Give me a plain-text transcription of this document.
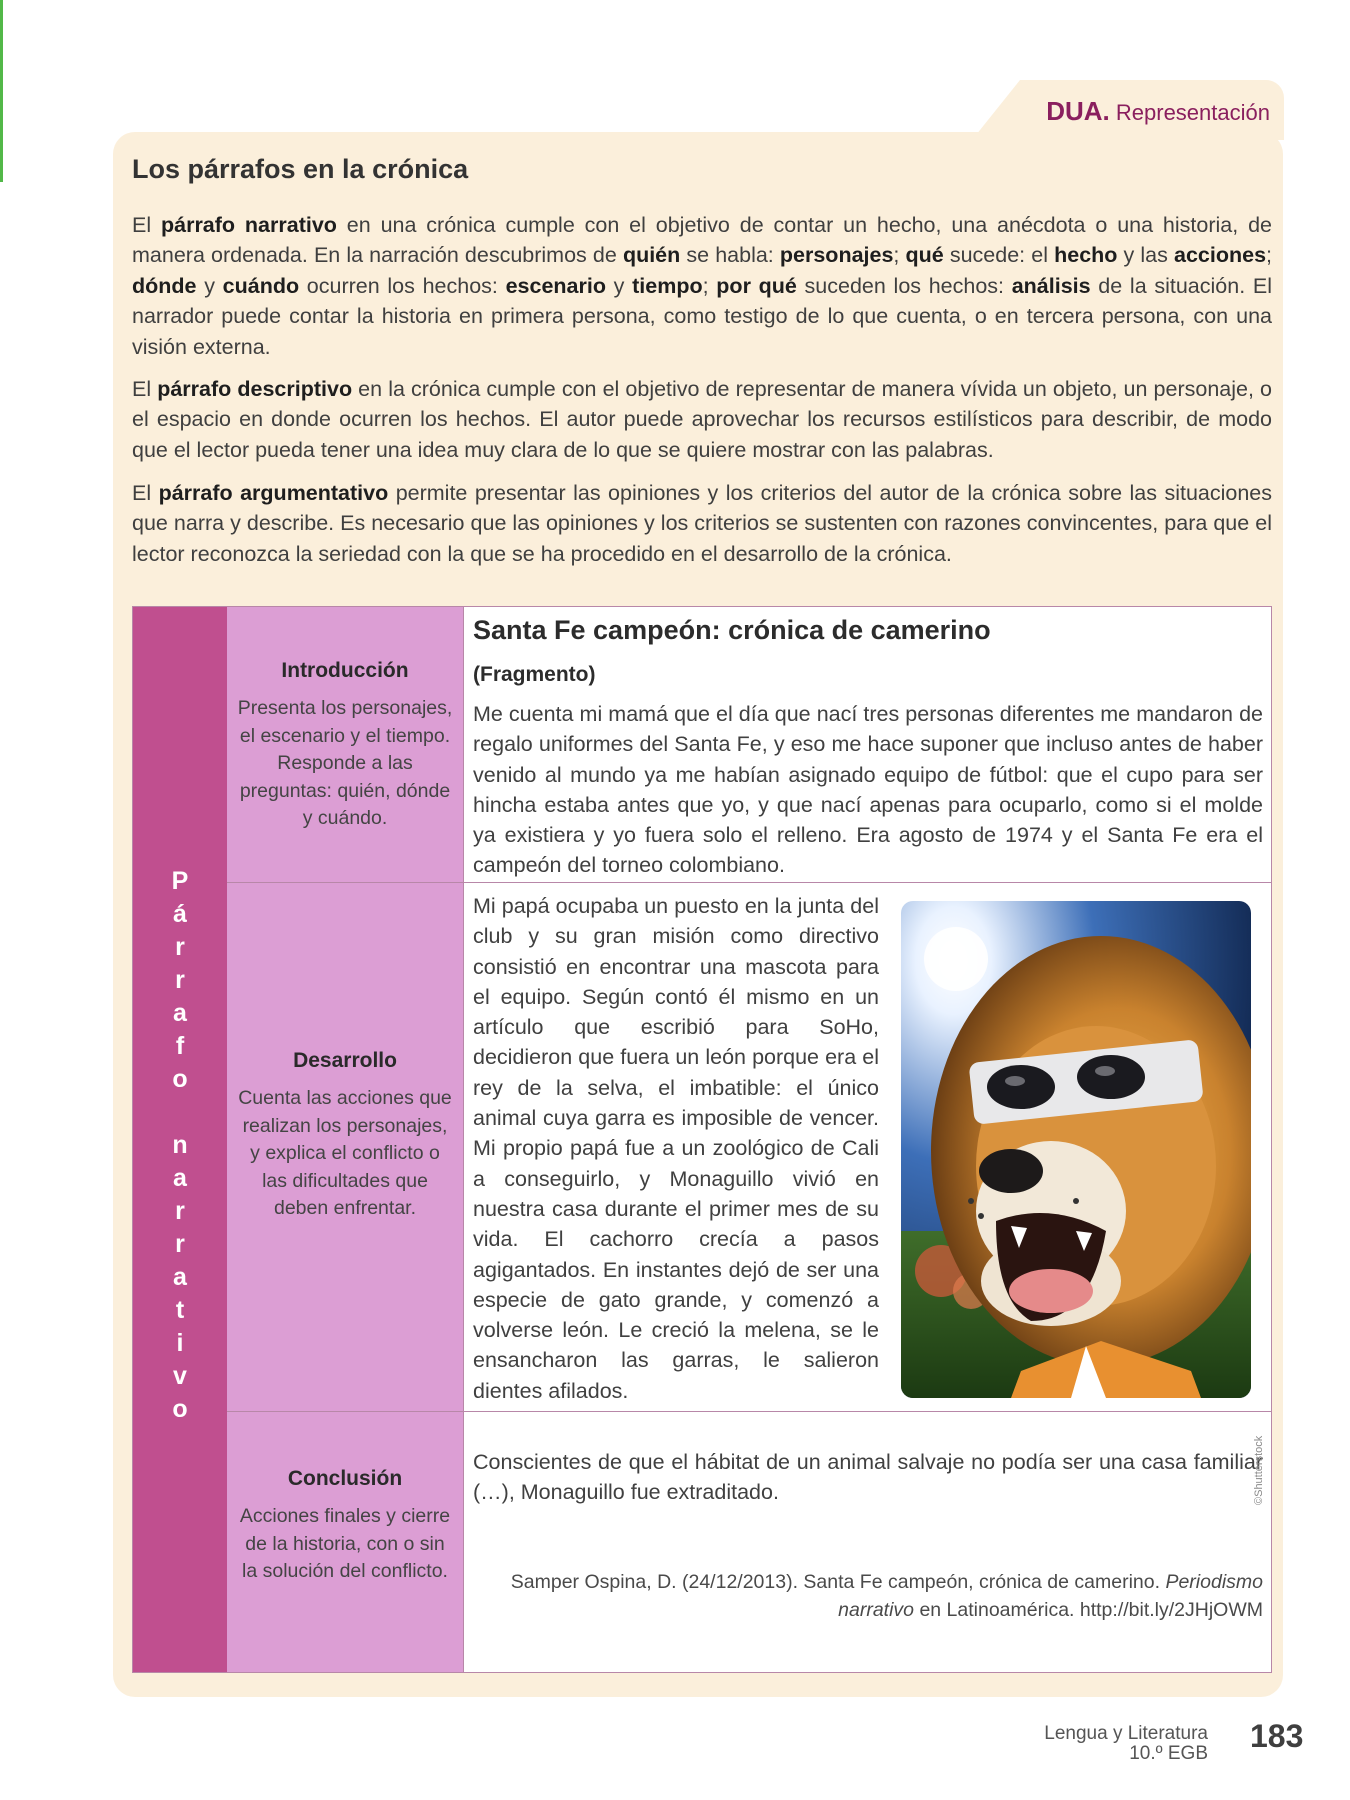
DUA. Representación
Los párrafos en la crónica
El párrafo narrativo en una crónica cumple con el objetivo de contar un hecho, una anécdota o una historia, de manera ordenada. En la narración descubrimos de quién se habla: personajes; qué sucede: el hecho y las acciones; dónde y cuándo ocurren los hechos: escenario y tiempo; por qué suceden los hechos: análisis de la situación. El narrador puede contar la historia en primera persona, como testigo de lo que cuenta, o en tercera persona, con una visión externa.
El párrafo descriptivo en la crónica cumple con el objetivo de representar de manera vívida un objeto, un personaje, o el espacio en donde ocurren los hechos. El autor puede aprovechar los recursos estilísticos para describir, de modo que el lector pueda tener una idea muy clara de lo que se quiere mostrar con las palabras.
El párrafo argumentativo permite presentar las opiniones y los criterios del autor de la crónica sobre las situaciones que narra y describe. Es necesario que las opiniones y los criterios se sustenten con razones convincentes, para que el lector reconozca la seriedad con la que se ha procedido en el desarrollo de la crónica.
P
á
r
r
a
f
o
n
a
r
r
a
t
i
v
o
Introducción

Presenta los personajes, el escenario y el tiempo. Responde a las preguntas: quién, dónde y cuándo.

Desarrollo

Cuenta las acciones que realizan los personajes, y explica el conflicto o las dificultades que deben enfrentar.

Conclusión

Acciones finales y cierre de la historia, con o sin la solución del conflicto.

Santa Fe campeón: crónica de camerino
(Fragmento)
Me cuenta mi mamá que el día que nací tres personas diferentes me mandaron de regalo uniformes del Santa Fe, y eso me hace suponer que incluso antes de haber venido al mundo ya me habían asignado equipo de fútbol: que el cupo para ser hincha estaba antes que yo, y que nací apenas para ocuparlo, como si el molde ya existiera y yo fuera solo el relleno. Era agosto de 1974 y el Santa Fe era el campeón del torneo colombiano.
Mi papá ocupaba un puesto en la junta del club y su gran misión como directivo consistió en encontrar una mascota para el equipo. Según contó él mismo en un artículo que escribió para SoHo, decidieron que fuera un león porque era el rey de la selva, el imbatible: el único animal cuya garra es imposible de vencer. Mi propio papá fue a un zoológico de Cali a conseguirlo, y Monaguillo vivió en nuestra casa durante el primer mes de su vida. El cachorro crecía a pasos agigantados. En instantes dejó de ser una especie de gato grande, y comenzó a volverse león. Le creció la melena, se le ensancharon las garras, le salieron dientes afilados.
Conscientes de que el hábitat de un animal salvaje no podía ser una casa familiar (…), Monaguillo fue extraditado.	©Shutterstock
Samper Ospina, D. (24/12/2013). Santa Fe campeón, crónica de camerino. Periodismo narrativo en Latinoamérica. http://bit.ly/2JHjOWM
Lengua y Literatura
10.º EGB 183
